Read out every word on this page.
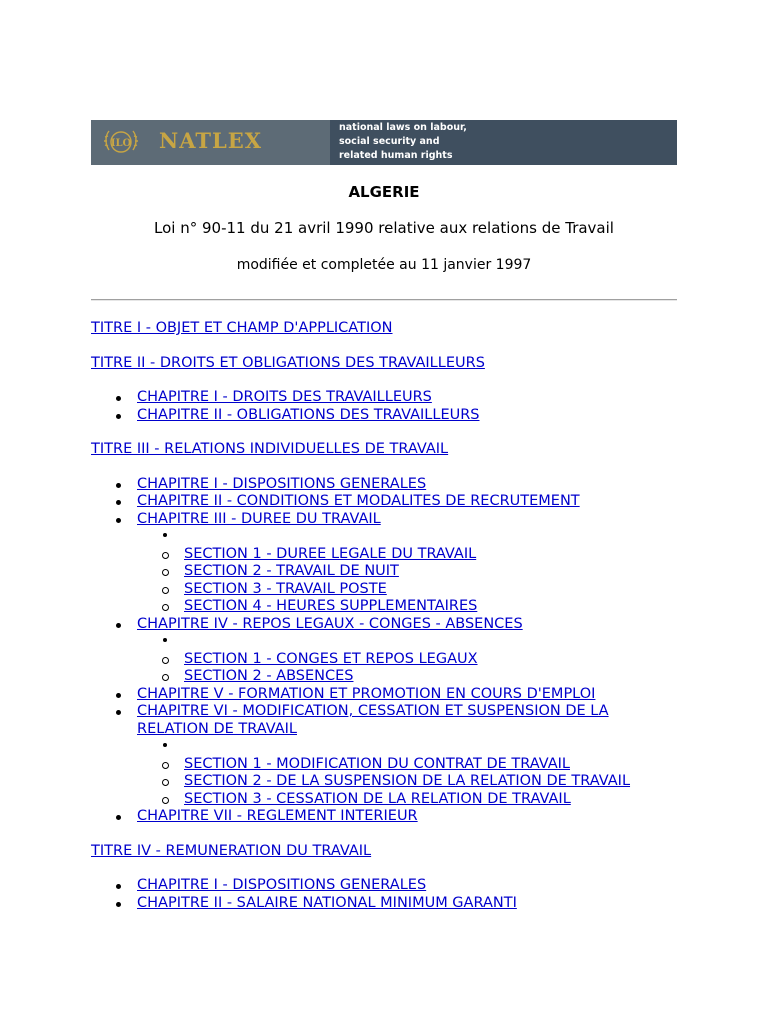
ILO NATLEX
national laws on labour,
social security and
related human rights
ALGERIE
Loi n° 90-11 du 21 avril 1990 relative aux relations de Travail
modifiée et completée au 11 janvier 1997
TITRE I - OBJET ET CHAMP D'APPLICATION
TITRE II - DROITS ET OBLIGATIONS DES TRAVAILLEURS
CHAPITRE I - DROITS DES TRAVAILLEURS
CHAPITRE II - OBLIGATIONS DES TRAVAILLEURS
TITRE III - RELATIONS INDIVIDUELLES DE TRAVAIL
CHAPITRE I - DISPOSITIONS GENERALES
CHAPITRE II - CONDITIONS ET MODALITES DE RECRUTEMENT
CHAPITRE III - DUREE DU TRAVAIL
SECTION 1 - DUREE LEGALE DU TRAVAIL
SECTION 2 - TRAVAIL DE NUIT
SECTION 3 - TRAVAIL POSTE
SECTION 4 - HEURES SUPPLEMENTAIRES
CHAPITRE IV - REPOS LEGAUX - CONGES - ABSENCES
SECTION 1 - CONGES ET REPOS LEGAUX
SECTION 2 - ABSENCES
CHAPITRE V - FORMATION ET PROMOTION EN COURS D'EMPLOI
CHAPITRE VI - MODIFICATION, CESSATION ET SUSPENSION DE LA RELATION DE TRAVAIL
SECTION 1 - MODIFICATION DU CONTRAT DE TRAVAIL
SECTION 2 - DE LA SUSPENSION DE LA RELATION DE TRAVAIL
SECTION 3 - CESSATION DE LA RELATION DE TRAVAIL
CHAPITRE VII - REGLEMENT INTERIEUR
TITRE IV - REMUNERATION DU TRAVAIL
CHAPITRE I - DISPOSITIONS GENERALES
CHAPITRE II - SALAIRE NATIONAL MINIMUM GARANTI
